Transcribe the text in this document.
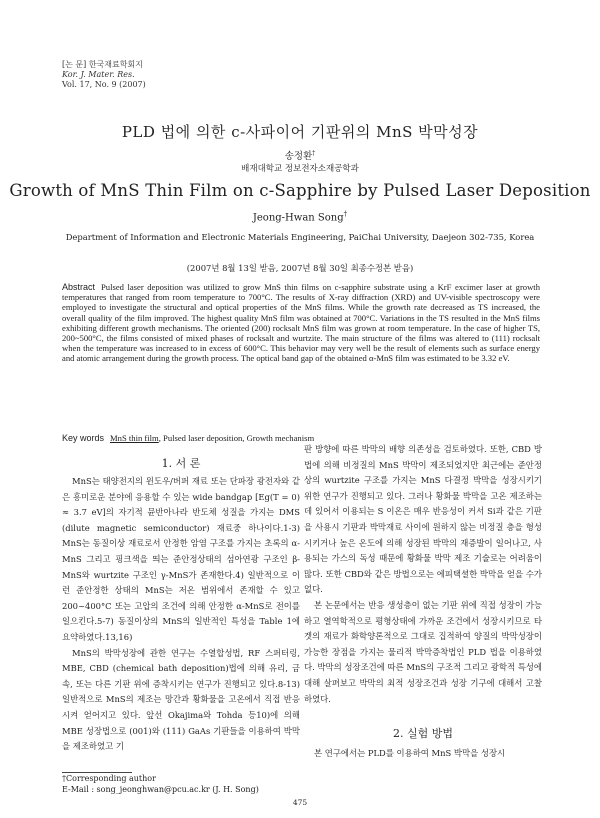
[논 문] 한국재료학회지
Kor. J. Mater. Res.
Vol. 17, No. 9 (2007)
PLD 법에 의한 c-사파이어 기판위의 MnS 박막성장
송정환†
배재대학교 정보전자소재공학과
Growth of MnS Thin Film on c-Sapphire by Pulsed Laser Deposition
Jeong-Hwan Song†
Department of Information and Electronic Materials Engineering, PaiChai University, Daejeon 302-735, Korea
(2007년 8월 13일 받음, 2007년 8월 30일 최종수정본 받음)
Abstract Pulsed laser deposition was utilized to grow MnS thin films on c-sapphire substrate using a KrF excimer laser at growth temperatures that ranged from room temperature to 700°C. The results of X-ray diffraction (XRD) and UV-visible spectroscopy were employed to investigate the structural and optical properties of the MnS films. While the growth rate decreased as TS increased, the overall quality of the film improved. The highest quality MnS film was obtained at 700°C. Variations in the TS resulted in the MnS films exhibiting different growth mechanisms. The oriented (200) rocksalt MnS film was grown at room temperature. In the case of higher TS, 200~500°C, the films consisted of mixed phases of rocksalt and wurtzite. The main structure of the films was altered to (111) rocksalt when the temperature was increased to in excess of 600°C. This behavior may very well be the result of elements such as surface energy and atomic arrangement during the growth process. The optical band gap of the obtained α-MnS film was estimated to be 3.32 eV.
Key words MnS thin film, Pulsed laser deposition, Growth mechanism
1. 서 론

MnS는 태양전지의 윈도우/버퍼 재료 또는 단파장 광전자와 같은 흥미로운 분야에 응용할 수 있는 wide bandgap [Eg(T = 0) ≈ 3.7 eV]의 자기적 뮨반아나라 반도체 성질을 가지는 DMS (dilute magnetic semiconductor) 재료중 하나이다.1-3) MnS는 동질이상 재료로서 안정한 암염 구조를 가지는 초록의 α-MnS 그리고 핑크색을 띄는 준안정상태의 섬아연광 구조인 β-MnS와 wurtzite 구조인 γ-MnS가 존재한다.4) 일반적으로 이런 준안정한 상태의 MnS는 저온 범위에서 존재할 수 있고 200~400°C 또는 고압의 조건에 의해 안정한 α-MnS로 전이를 일으킨다.5-7) 동질이상의 MnS의 일반적인 특성을 Table 1에 요약하였다.13,16)

MnS의 박막성장에 관한 연구는 수열합성법, RF 스퍼터링, MBE, CBD (chemical bath deposition)법에 의해 유리, 금속, 또는 다른 기판 위에 증착시키는 연구가 진행되고 있다.8-13) 일반적으로 MnS의 제조는 망간과 황화물을 고온에서 직접 반응시켜 얻어지고 있다. 앞선 Okajima와 Tohda 등10)에 의해 MBE 성장법으로 (001)와 (111) GaAs 기판들을 이용하여 박막을 제조하였고 기

판 방향에 따른 박막의 배향 의존성을 검토하였다. 또한, CBD 방법에 의해 비정질의 MnS 박막이 제조되었지만 최근에는 준안정상의 wurtzite 구조를 가지는 MnS 다결정 박막을 성장시키기 위한 연구가 진행되고 있다. 그러나 황화물 박막을 고온 제조하는데 있어서 이용되는 S 이온은 매우 반응성이 커서 Si과 같은 기판을 사용시 기판과 박막재료 사이에 원하지 않는 비정질 층을 형성시키거나 높은 온도에 의해 성장된 박막의 재증발이 일어나고, 사용되는 가스의 독성 때문에 황화물 박막 제조 기술로는 어려움이 많다. 또한 CBD와 같은 방법으로는 에피택셜한 박막을 얻을 수가 없다.

본 논문에서는 반응 생성층이 없는 기판 위에 직접 성장이 가능하고 열역학적으로 평형상태에 가까운 조건에서 성장시키므로 타겟의 재료가 화학양론적으로 그대로 집적하여 양질의 박막성장이 가능한 장점을 가지는 물리적 박막증착법인 PLD 법을 이용하였다. 박막의 성장조건에 따른 MnS의 구조적 그리고 광학적 특성에 대해 살펴보고 박막의 최적 성장조건과 성장 기구에 대해서 고찰하였다.

2. 실험 방법

본 연구에서는 PLD를 이용하여 MnS 박막을 성장시

†Corresponding author
E-Mail : song_jeonghwan@pcu.ac.kr (J. H. Song)
475
